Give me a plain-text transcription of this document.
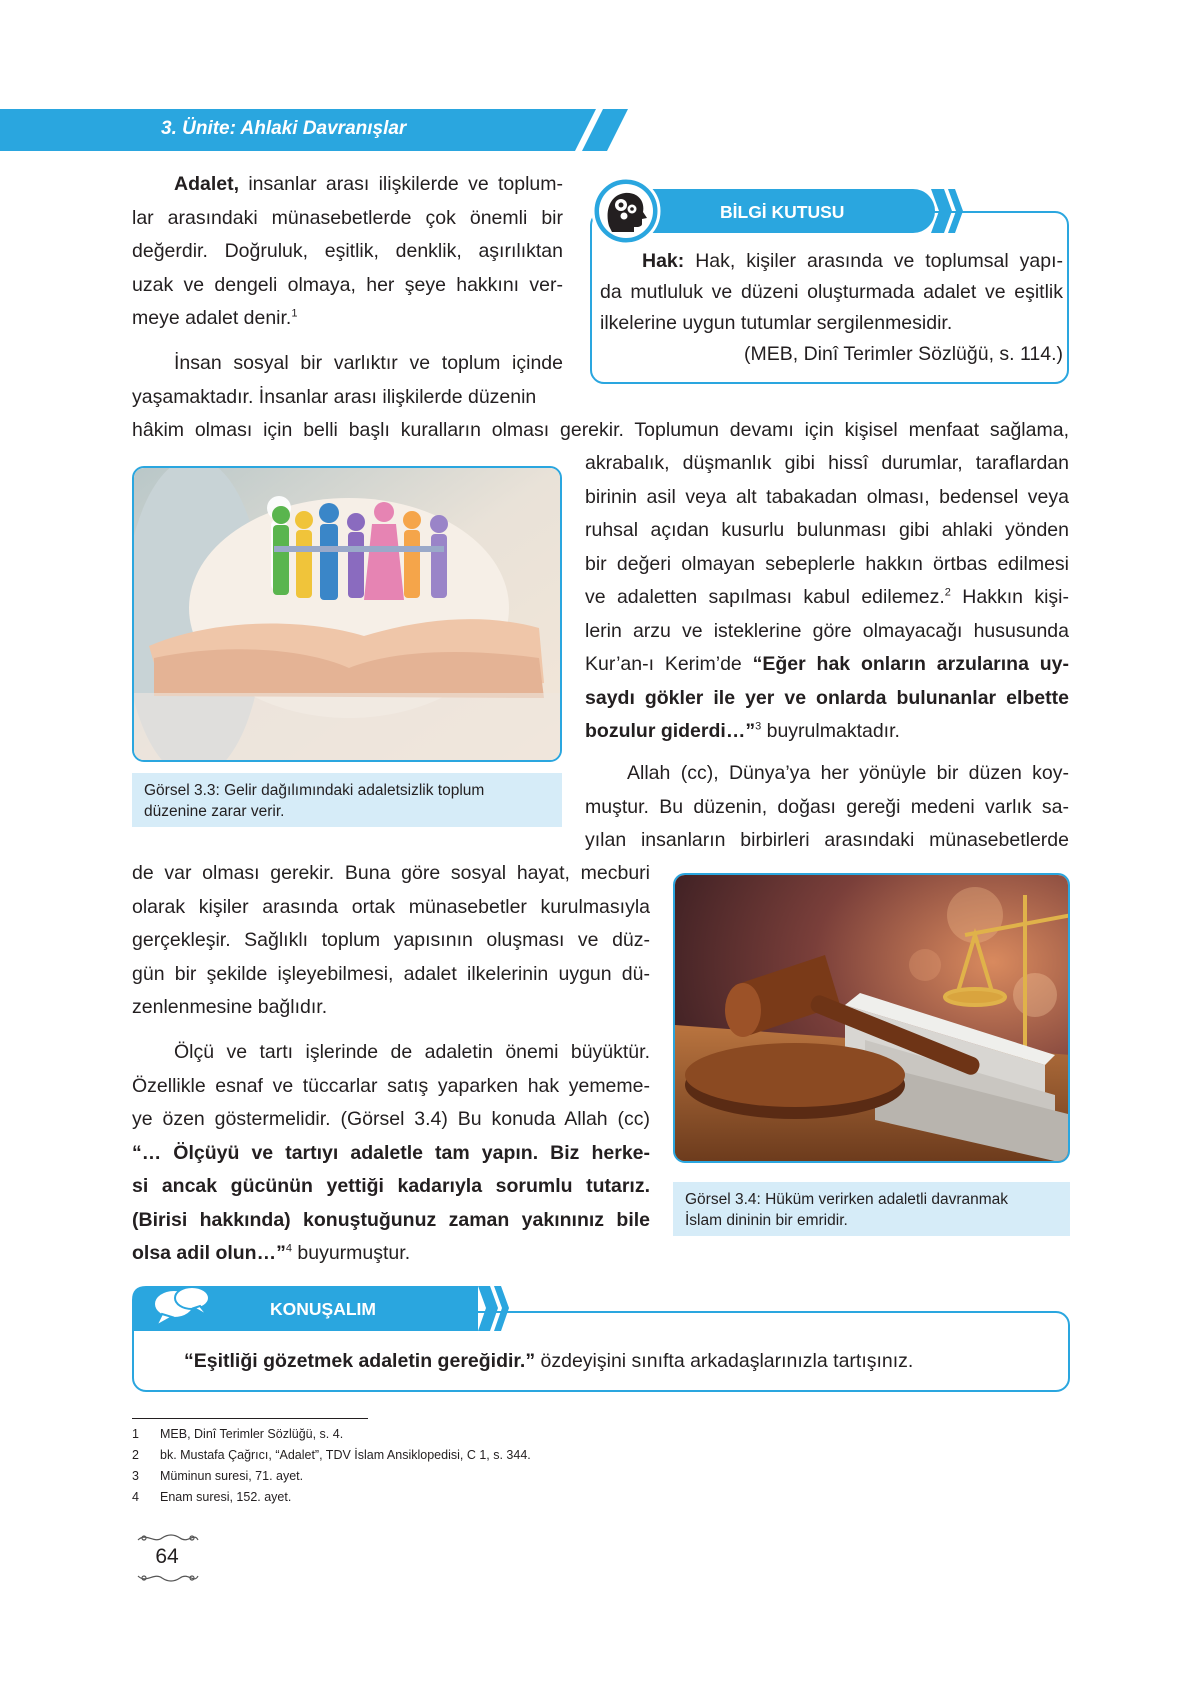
3. Ünite: Ahlaki Davranışlar
Adalet, insanlar arası ilişkilerde ve toplum-
lar arasındaki münasebetlerde çok önemli bir
değerdir. Doğruluk, eşitlik, denklik, aşırılıktan
uzak ve dengeli olmaya, her şeye hakkını ver-
meye adalet denir.$^1$
Hak: Hak, kişiler arasında ve toplumsal yapı-
da mutluluk ve düzeni oluşturmada adalet ve eşitlik
ilkelerine uygun tutumlar sergilenmesidir.
(MEB, Dinî Terimler Sözlüğü, s. 114.)
BİLGİ KUTUSU
İnsan sosyal bir varlıktır ve toplum içinde
yaşamaktadır. İnsanlar arası ilişkilerde düzenin
hâkim olması için belli başlı kuralların olması gerekir. Toplumun devamı için kişisel menfaat sağlama,
akrabalık, düşmanlık gibi hissî durumlar, taraflardan
birinin asil veya alt tabakadan olması, bedensel veya
ruhsal açıdan kusurlu bulunması gibi ahlaki yönden
bir değeri olmayan sebeplerle hakkın örtbas edilmesi
ve adaletten sapılması kabul edilemez.$^2$ Hakkın kişi-
lerin arzu ve isteklerine göre olmayacağı hususunda
Kur’an-ı Kerim’de “Eğer hak onların arzularına uy-
saydı gökler ile yer ve onlarda bulunanlar elbette
bozulur giderdi…”$^3$ buyrulmaktadır.
Görsel 3.3: Gelir dağılımındaki adaletsizlik toplum
düzenine zarar verir.
Allah (cc), Dünya’ya her yönüyle bir düzen koy-
muştur. Bu düzenin, doğası gereği medeni varlık sa-
yılan insanların birbirleri arasındaki münasebetlerde
de var olması gerekir. Buna göre sosyal hayat, mecburi
olarak kişiler arasında ortak münasebetler kurulmasıyla
gerçekleşir. Sağlıklı toplum yapısının oluşması ve düz-
gün bir şekilde işleyebilmesi, adalet ilkelerinin uygun dü-
zenlenmesine bağlıdır.
Ölçü ve tartı işlerinde de adaletin önemi büyüktür.
Özellikle esnaf ve tüccarlar satış yaparken hak yememe-
ye özen göstermelidir. (Görsel 3.4) Bu konuda Allah (cc)
“… Ölçüyü ve tartıyı adaletle tam yapın. Biz herke-
si ancak gücünün yettiği kadarıyla sorumlu tutarız.
(Birisi hakkında) konuştuğunuz zaman yakınınız bile
olsa adil olun…”$^4$ buyurmuştur.
Görsel 3.4: Hüküm verirken adaletli davranmak
İslam dininin bir emridir.
“Eşitliği gözetmek adaletin gereğidir.” özdeyişini sınıfta arkadaşlarınızla tartışınız.
KONUŞALIM
1 MEB, Dinî Terimler Sözlüğü, s. 4.
2 bk. Mustafa Çağrıcı, “Adalet”, TDV İslam Ansiklopedisi, C 1, s. 344.
3 Müminun suresi, 71. ayet.
4 Enam suresi, 152. ayet.
64
